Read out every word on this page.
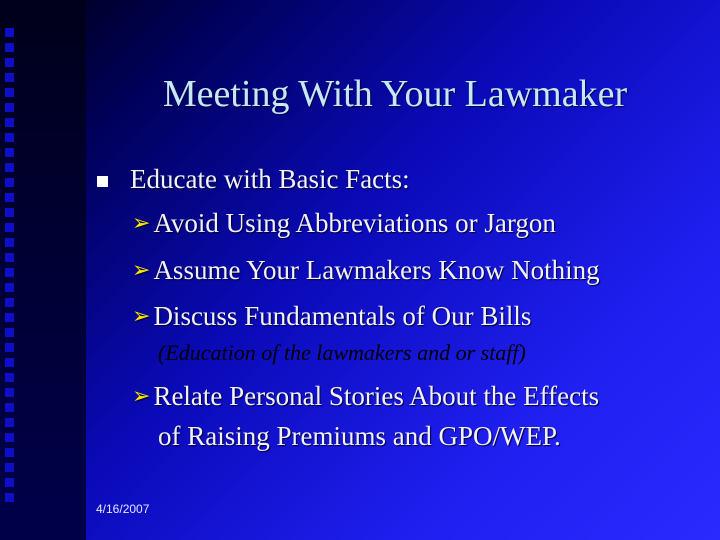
Meeting With Your Lawmaker
Educate with Basic Facts:
➢ Avoid Using Abbreviations or Jargon
➢ Assume Your Lawmakers Know Nothing
➢ Discuss Fundamentals of Our Bills
(Education of the lawmakers and or staff)
➢ Relate Personal Stories About the Effects
of Raising Premiums and GPO/WEP.
4/16/2007
